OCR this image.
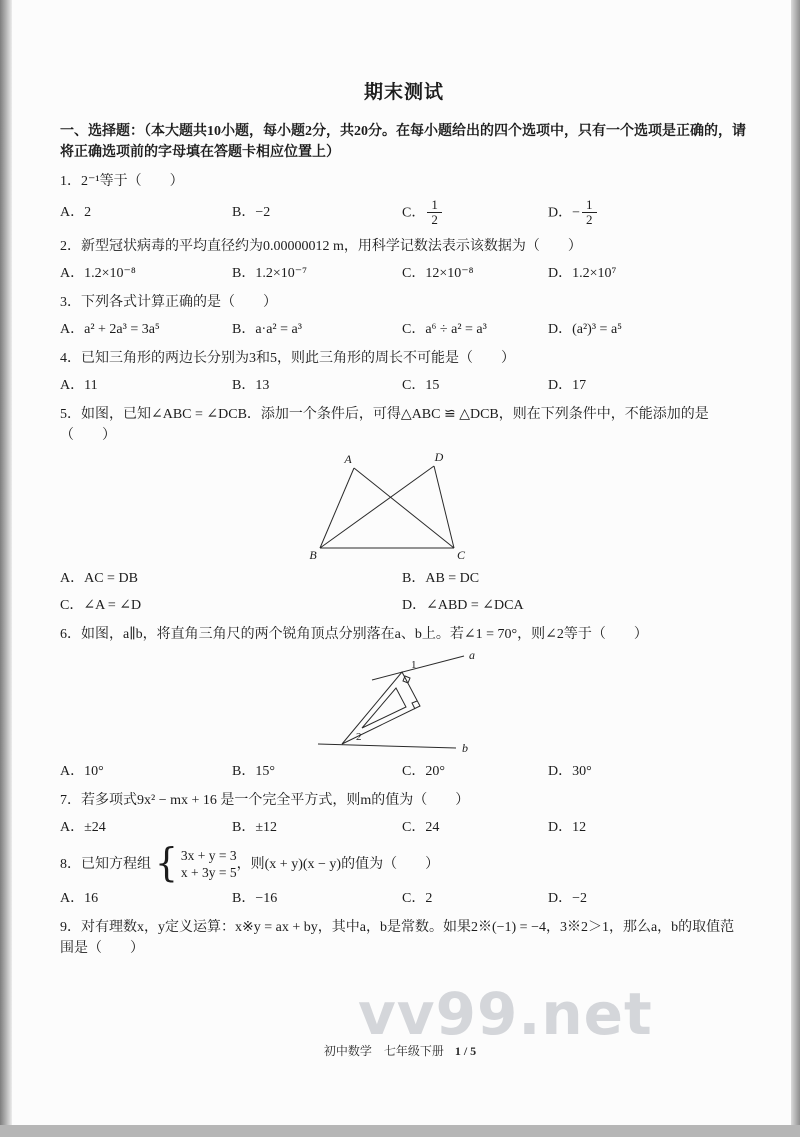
期末测试
一、选择题：（本大题共10小题，每小题2分，共20分。在每小题给出的四个选项中，只有一个选项是正确的，请将正确选项前的字母填在答题卡相应位置上）
1．2⁻¹等于（　　）
A．2	B．−2	C． $\frac{1}{2}$	D．− $\frac{1}{2}$
2．新型冠状病毒的平均直径约为0.00000012 m，用科学记数法表示该数据为（　　）
A．1.2×10⁻⁸	B．1.2×10⁻⁷	C．12×10⁻⁸	D．1.2×10⁷
3．下列各式计算正确的是（　　）
A．a² + 2a³ = 3a⁵	B．a·a² = a³	C．a⁶ ÷ a² = a³	D．(a²)³ = a⁵
4．已知三角形的两边长分别为3和5，则此三角形的周长不可能是（　　）
A．11	B．13	C．15	D．17
5．如图，已知∠ABC = ∠DCB．添加一个条件后，可得△ABC ≌ △DCB，则在下列条件中，不能添加的是（　　）
A	D
B	C
A．AC = DB	B．AB = DC
C．∠A = ∠D	D．∠ABD = ∠DCA
6．如图，a∥b，将直角三角尺的两个锐角顶点分别落在a、b上。若∠1 = 70°，则∠2等于（　　）
a
b
1
2
A．10°	B．15°	C．20°	D．30°
7．若多项式9x² − mx + 16 是一个完全平方式，则m的值为（　　）
A．±24	B．±12	C．24	D．12
8．已知方程组 { 3x + y = 3
x + 3y = 5
，则(x + y)(x − y)的值为（　　）
A．16	B．−16	C．2	D．−2
9．对有理数x，y定义运算：x※y = ax + by，其中a，b是常数。如果2※(−1) = −4，3※2＞1，那么a，b的取值范围是（　　）
vv99.net
初中数学　七年级下册 1 / 5
